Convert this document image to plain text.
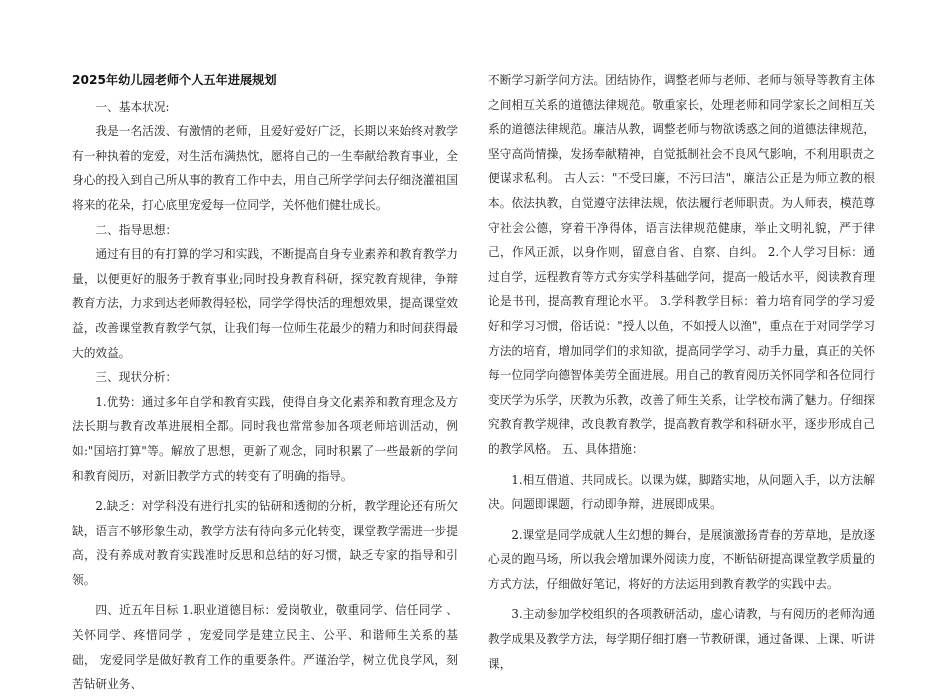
2025年幼儿园老师个人五年进展规划

一、基本状况:

我是一名活泼、有激情的老师，且爱好爱好广泛，长期以来始终对教学有一种执着的宠爱，对生活布满热忱，愿将自己的一生奉献给教育事业，全身心的投入到自己所从事的教育工作中去，用自己所学学问去仔细浇灌祖国将来的花朵，打心底里宠爱每一位同学，关怀他们健壮成长。

二、指导思想：

通过有目的有打算的学习和实践，不断提高自身专业素养和教育教学力量，以便更好的服务于教育事业;同时投身教育科研，探究教育规律，争辩教育方法，力求到达老师教得轻松，同学学得快活的理想效果，提高课堂效益，改善课堂教育教学气氛，让我们每一位师生花最少的精力和时间获得最大的效益。

三、现状分析：

1.优势：通过多年自学和教育实践，使得自身文化素养和教育理念及方法长期与教育改革进展相全都。同时我也常常参加各项老师培训活动，例如:"国培打算"等。解放了思想，更新了观念，同时积累了一些最新的学问和教育阅历，对新旧教学方式的转变有了明确的指导。

2.缺乏：对学科没有进行扎实的钻研和透彻的分析，教学理论还有所欠缺，语言不够形象生动，教学方法有待向多元化转变，课堂教学需进一步提高，没有养成对教育实践准时反思和总结的好习惯，缺乏专家的指导和引领。

四、近五年目标 1.职业道德目标：爱岗敬业，敬重同学、信任同学 、关怀同学、疼惜同学 ，宠爱同学是建立民主、公平、和谐师生关系的基础， 宠爱同学是做好教育工作的重要条件。严谨治学，树立优良学风，刻苦钻研业务、

不断学习新学问方法。团结协作，调整老师与老师、老师与领导等教育主体之间相互关系的道德法律规范。敬重家长，处理老师和同学家长之间相互关系的道德法律规范。廉洁从教，调整老师与物欲诱惑之间的道德法律规范，坚守高尚情操，发扬奉献精神，自觉抵制社会不良风气影响，不利用职责之便谋求私利。 古人云："不受曰廉，不污曰洁"，廉洁公正是为师立教的根本。依法执教，自觉遵守法律法规，依法履行老师职责。为人师表，模范尊守社会公德，穿着干净得体，语言法律规范健康，举止文明礼貌，严于律己，作风正派，以身作则，留意自省、自察、自纠。 2.个人学习目标：通过自学，远程教育等方式夯实学科基础学问，提高一般话水平，阅读教育理论是书刊，提高教育理论水平。 3.学科教学目标：着力培育同学的学习爱好和学习习惯，俗话说："授人以鱼，不如授人以渔"，重点在于对同学学习方法的培育，增加同学们的求知欲，提高同学学习、动手力量，真正的关怀每一位同学向德智体美劳全面进展。用自己的教育阅历关怀同学和各位同行变厌学为乐学，厌教为乐教，改善了师生关系，让学校布满了魅力。仔细探究教育教学规律，改良教育教学，提高教育教学和科研水平，逐步形成自己的教学风格。 五、具体措施：

1.相互借道、共同成长。以课为媒，脚踏实地，从问题入手，以方法解决。问题即课题，行动即争辩，进展即成果。

2.课堂是同学成就人生幻想的舞台，是展演激扬青春的芳草地，是放逐心灵的跑马场，所以我会增加课外阅读力度，不断钻研提高课堂教学质量的方式方法，仔细做好笔记，将好的方法运用到教育教学的实践中去。

3.主动参加学校组织的各项教研活动，虚心请教，与有阅历的老师沟通教学成果及教学方法，每学期仔细打磨一节教研课，通过备课、上课、听讲课，
